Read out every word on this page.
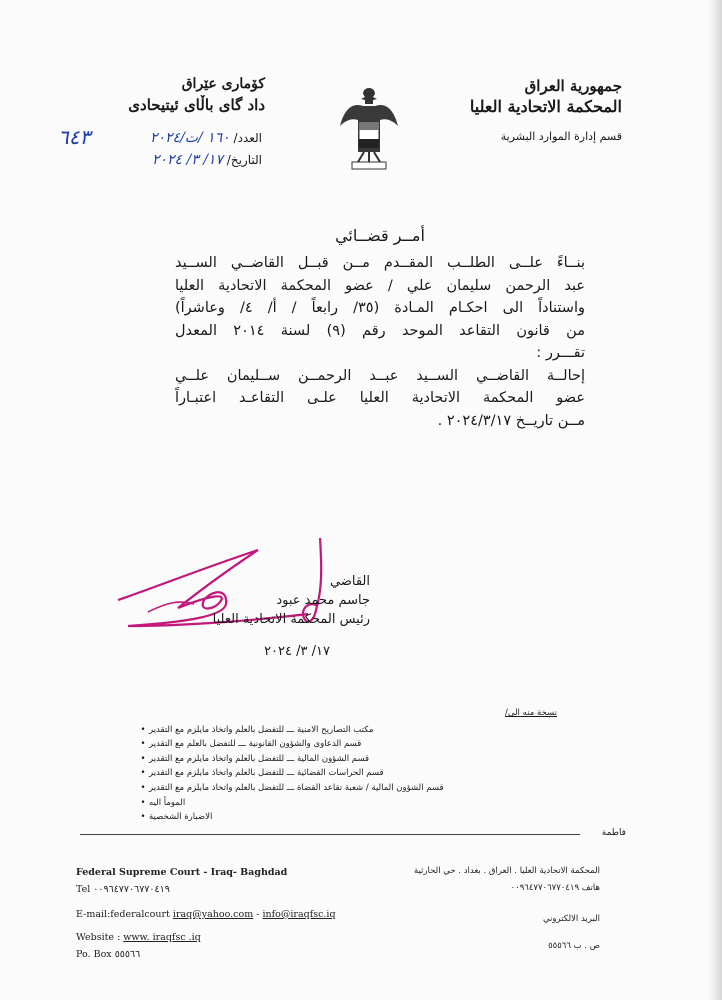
جمهورية العراق
المحكمة الاتحادية العليا
قسم إدارة الموارد البشرية
كۆماری عێراق
داد گای باڵای ئیتیحادی
العدد/ ١٦٠ /ت/٢٠٢٤
التاريخ/ ١٧/ ٣/ ٢٠٢٤
٦٤٣
أمــر قضــائي
بنــاءً علــى الطلــب المقــدم مــن قبــل القاضــي الســيد
عبد الرحمن سليمان علي / عضو المحكمة الاتحادية العليا
واستناداً الى احكـام المـادة (٣٥/ رابعاً / أ/ ٤/ وعاشراً)
من قانون التقاعد الموحد رقم (٩) لسنة ٢٠١٤ المعدل
تقـــرر :
إحالــة القاضــي الســيد عبــد الرحمــن ســليمان علــي
عضو المحكمة الاتحادية العليا علـى التقاعـد اعتبـاراً
مــن تاريــخ ٢٠٢٤/٣/١٧ .
القاضي
جاسم محمد عبود
رئيس المحكمة الاتحادية العليا
١٧/ ٣/ ٢٠٢٤
نسخة منه الى/
• مكتب التصاريح الامنية ـــ للتفضل بالعلم واتخاذ مايلزم مع التقدير
• قسم الدعاوى والشؤون القانونية ـــ للتفضل بالعلم مع التقدير
• قسم الشؤون المالية ـــ للتفضل بالعلم واتخاذ مايلزم مع التقدير
• قسم الحراسات القضائية ـــ للتفضل بالعلم واتخاذ مايلزم مع التقدير
• قسم الشؤون المالية / شعبة تقاعد القضاة ـــ للتفضل بالعلم واتخاذ مايلزم مع التقدير
• المومأ اليه
• الاضبارة الشخصية
فاطمة
Federal Supreme Court - Iraq- Baghdad
Tel ٠٠٩٦٤٧٧٠٦٧٧٠٤١٩
E-mail:federalcourt iraq@yahoo.com - info@iraqfsc.iq
Website : www. iraqfsc .iq
Po. Box ٥٥٥٦٦
المحكمة الاتحادية العليا . العراق . بغداد . حي الحارثية
هاتف ٠٠٩٦٤٧٧٠٦٧٧٠٤١٩
البريد الالكتروني
ص . ب ٥٥٥٦٦
